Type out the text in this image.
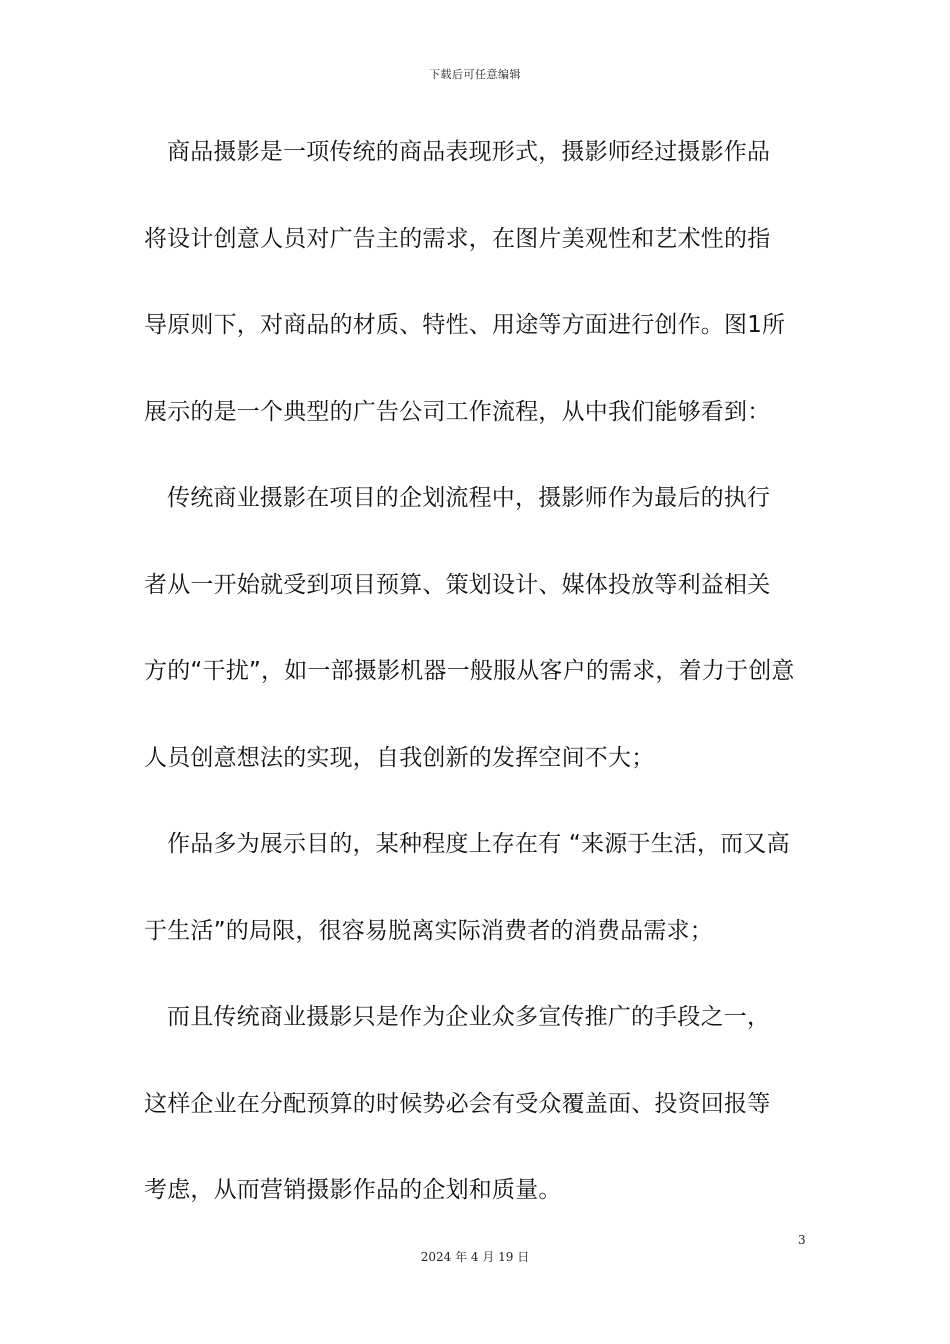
下载后可任意编辑
商品摄影是一项传统的商品表现形式，摄影师经过摄影作品
将设计创意人员对广告主的需求，在图片美观性和艺术性的指
导原则下，对商品的材质、特性、用途等方面进行创作。图1所
展示的是一个典型的广告公司工作流程，从中我们能够看到：
传统商业摄影在项目的企划流程中，摄影师作为最后的执行
者从一开始就受到项目预算、策划设计、媒体投放等利益相关
方的“干扰”，如一部摄影机器一般服从客户的需求，着力于创意
人员创意想法的实现，自我创新的发挥空间不大；
作品多为展示目的，某种程度上存在有 “来源于生活，而又高
于生活”的局限，很容易脱离实际消费者的消费品需求；
而且传统商业摄影只是作为企业众多宣传推广的手段之一，
这样企业在分配预算的时候势必会有受众覆盖面、投资回报等
考虑，从而营销摄影作品的企划和质量。
3
2024 年 4 月 19 日
